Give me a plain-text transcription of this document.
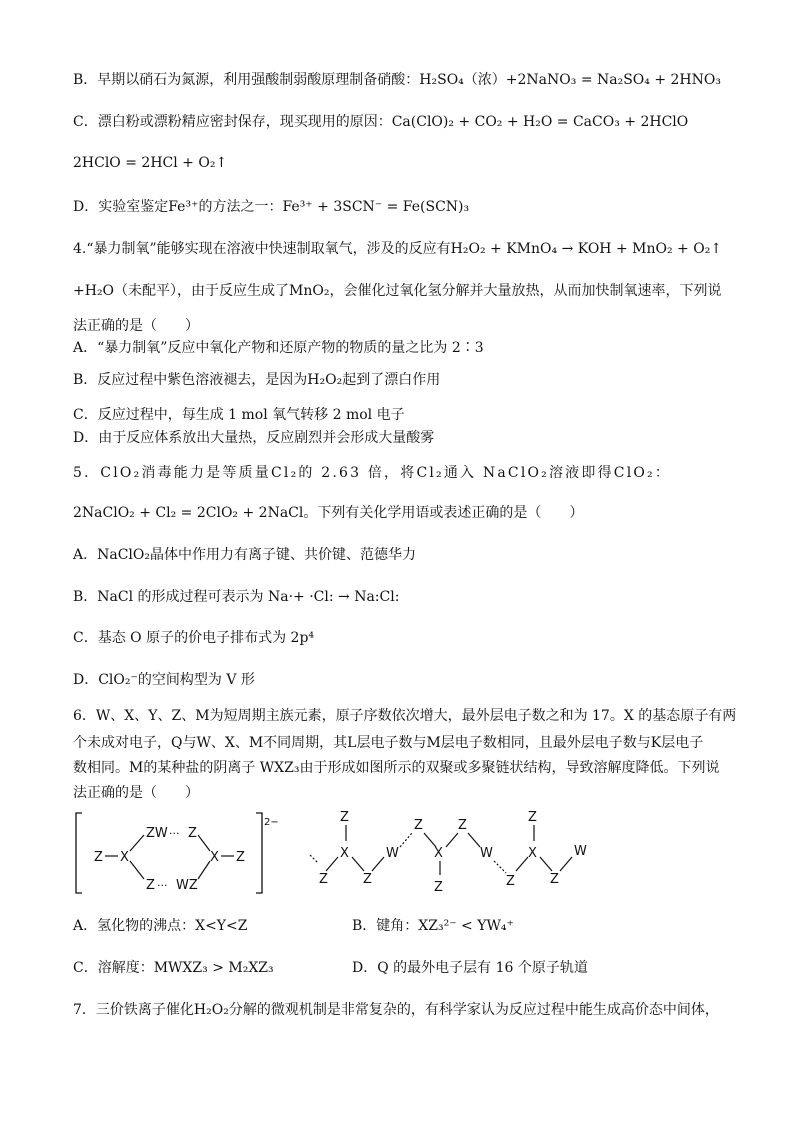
B．早期以硝石为氮源，利用强酸制弱酸原理制备硝酸：H₂SO₄（浓）+2NaNO₃ = Na₂SO₄ + 2HNO₃
C．漂白粉或漂粉精应密封保存，现买现用的原因：Ca(ClO)₂ + CO₂ + H₂O = CaCO₃ + 2HClO
2HClO = 2HCl + O₂↑
D．实验室鉴定Fe³⁺的方法之一：Fe³⁺ + 3SCN⁻ = Fe(SCN)₃
4.“暴力制氧”能够实现在溶液中快速制取氧气，涉及的反应有H₂O₂ + KMnO₄ → KOH + MnO₂ + O₂↑
+H₂O（未配平），由于反应生成了MnO₂，会催化过氧化氢分解并大量放热，从而加快制氧速率，下列说
法正确的是（　　）
A．“暴力制氧”反应中氧化产物和还原产物的物质的量之比为 2∶3
B．反应过程中紫色溶液褪去，是因为H₂O₂起到了漂白作用
C．反应过程中，每生成 1 mol 氧气转移 2 mol 电子
D．由于反应体系放出大量热，反应剧烈并会形成大量酸雾
5．ClO₂消毒能力是等质量Cl₂的 2.63 倍，将Cl₂通入 NaClO₂溶液即得ClO₂：
2NaClO₂ + Cl₂ = 2ClO₂ + 2NaCl。下列有关化学用语或表述正确的是（　　）
A．NaClO₂晶体中作用力有离子键、共价键、范德华力
B．NaCl 的形成过程可表示为 Na·+ ·Cl: → Na:Cl:
C．基态 O 原子的价电子排布式为 2p⁴
D．ClO₂⁻的空间构型为 V 形
6．W、X、Y、Z、M为短周期主族元素，原子序数依次增大，最外层电子数之和为 17。X 的基态原子有两
个未成对电子，Q与W、X、M不同周期，其L层电子数与M层电子数相同，且最外层电子数与K层电子
数相同。M的某种盐的阴离子 WXZ₃由于形成如图所示的双聚或多聚链状结构，导致溶解度降低。下列说
法正确的是（　　）
2−
Z X
ZW ··· Z
Z ··· WZ
X Z
Z
Z
X
Z
W
Z
X
Z
Z
W
Z
Z
X
Z
W
A．氢化物的沸点：X<Y<Z	B．键角：XZ₃²⁻ < YW₄⁺
C．溶解度：MWXZ₃ > M₂XZ₃	D．Q 的最外电子层有 16 个原子轨道
7．三价铁离子催化H₂O₂分解的微观机制是非常复杂的，有科学家认为反应过程中能生成高价态中间体，
